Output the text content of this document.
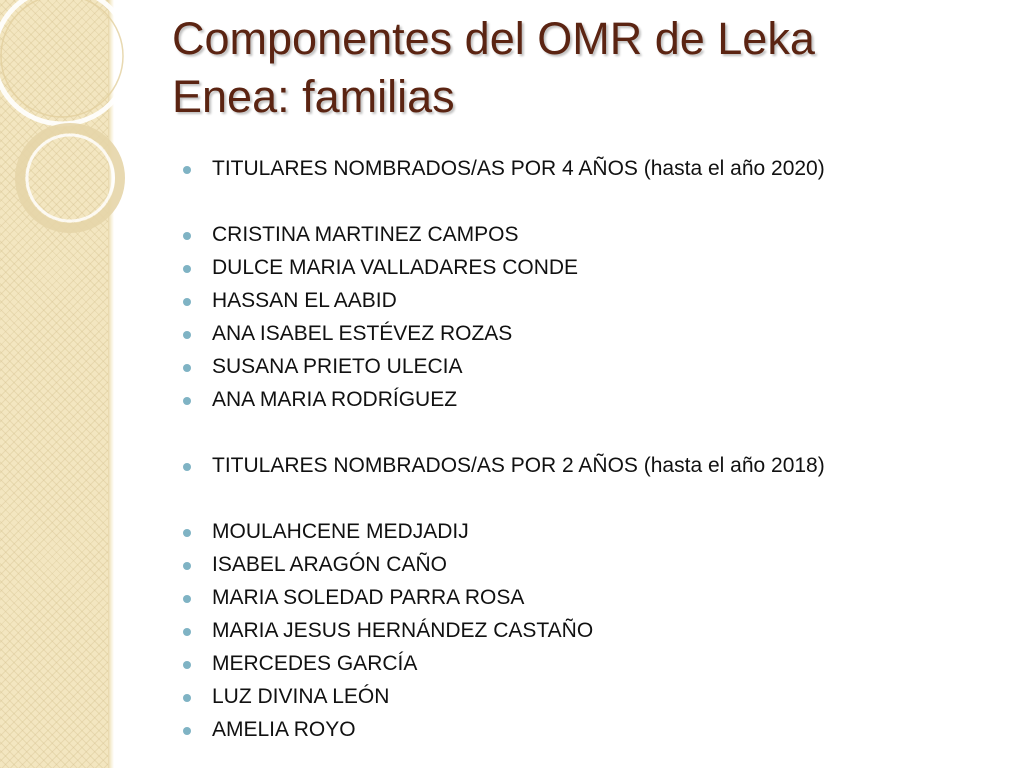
Componentes del OMR de Leka
Enea: familias
TITULARES NOMBRADOS/AS POR 4 AÑOS (hasta el año 2020)
CRISTINA MARTINEZ CAMPOS
DULCE MARIA VALLADARES CONDE
HASSAN EL AABID
ANA ISABEL ESTÉVEZ ROZAS
SUSANA PRIETO ULECIA
ANA MARIA RODRÍGUEZ
TITULARES NOMBRADOS/AS POR 2 AÑOS (hasta el año 2018)
MOULAHCENE MEDJADIJ
ISABEL ARAGÓN CAÑO
MARIA SOLEDAD PARRA ROSA
MARIA JESUS HERNÁNDEZ CASTAÑO
MERCEDES GARCÍA
LUZ DIVINA LEÓN
AMELIA ROYO
